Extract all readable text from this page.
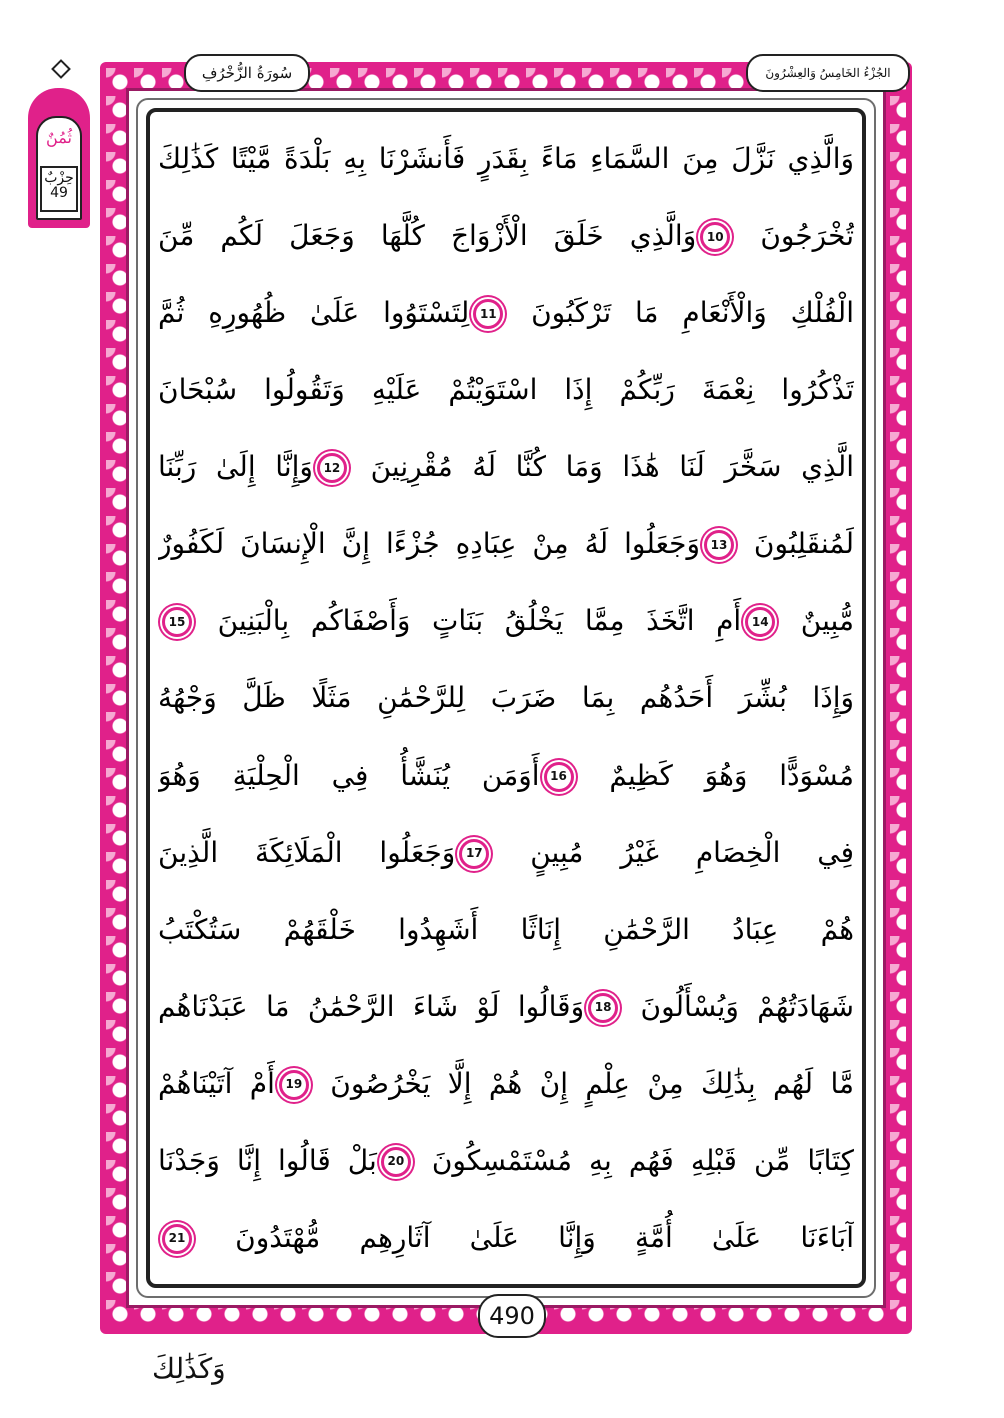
سُورَةُ الزُّخْرُفِ	الجُزْءُ الخَامِسُ وَالعِشْرُونَ
ثُمُنٌ
حِزْبٌ
49
وَالَّذِي نَزَّلَ مِنَ السَّمَاءِ مَاءً بِقَدَرٍ فَأَنشَرْنَا بِهِ بَلْدَةً مَّيْتًا كَذَٰلِكَ
تُخْرَجُونَ 10وَالَّذِي خَلَقَ الْأَزْوَاجَ كُلَّهَا وَجَعَلَ لَكُم مِّنَ
الْفُلْكِ وَالْأَنْعَامِ مَا تَرْكَبُونَ 11لِتَسْتَوُوا عَلَىٰ ظُهُورِهِ ثُمَّ
تَذْكُرُوا نِعْمَةَ رَبِّكُمْ إِذَا اسْتَوَيْتُمْ عَلَيْهِ وَتَقُولُوا سُبْحَانَ
الَّذِي سَخَّرَ لَنَا هَٰذَا وَمَا كُنَّا لَهُ مُقْرِنِينَ 12وَإِنَّا إِلَىٰ رَبِّنَا
لَمُنقَلِبُونَ 13وَجَعَلُوا لَهُ مِنْ عِبَادِهِ جُزْءًا إِنَّ الْإِنسَانَ لَكَفُورٌ
مُّبِينٌ 14أَمِ اتَّخَذَ مِمَّا يَخْلُقُ بَنَاتٍ وَأَصْفَاكُم بِالْبَنِينَ 15
وَإِذَا بُشِّرَ أَحَدُهُم بِمَا ضَرَبَ لِلرَّحْمَٰنِ مَثَلًا ظَلَّ وَجْهُهُ
مُسْوَدًّا وَهُوَ كَظِيمٌ 16أَوَمَن يُنَشَّأُ فِي الْحِلْيَةِ وَهُوَ
فِي الْخِصَامِ غَيْرُ مُبِينٍ 17وَجَعَلُوا الْمَلَائِكَةَ الَّذِينَ
هُمْ عِبَادُ الرَّحْمَٰنِ إِنَاثًا أَشَهِدُوا خَلْقَهُمْ سَتُكْتَبُ
شَهَادَتُهُمْ وَيُسْأَلُونَ 18وَقَالُوا لَوْ شَاءَ الرَّحْمَٰنُ مَا عَبَدْنَاهُم
مَّا لَهُم بِذَٰلِكَ مِنْ عِلْمٍ إِنْ هُمْ إِلَّا يَخْرُصُونَ 19أَمْ آتَيْنَاهُمْ
كِتَابًا مِّن قَبْلِهِ فَهُم بِهِ مُسْتَمْسِكُونَ 20بَلْ قَالُوا إِنَّا وَجَدْنَا
آبَاءَنَا عَلَىٰ أُمَّةٍ وَإِنَّا عَلَىٰ آثَارِهِم مُّهْتَدُونَ 21
490
وَكَذَٰلِكَ
